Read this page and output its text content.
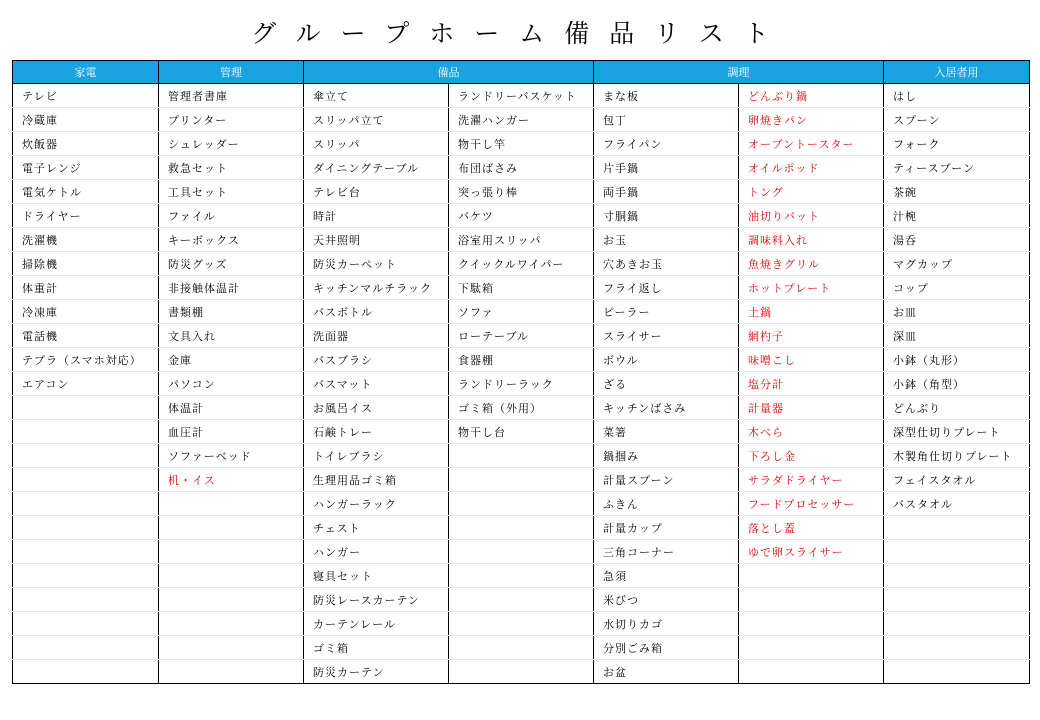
グループホーム備品リスト
家電	管理	備品		調理		入居者用
テレビ	管理者書庫	傘立て	ランドリーバスケット	まな板	どんぶり鍋	はし
冷蔵庫	プリンター	スリッパ立て	洗濯ハンガー	包丁	卵焼きパン	スプーン
炊飯器	シュレッダー	スリッパ	物干し竿	フライパン	オーブントースター	フォーク
電子レンジ	救急セット	ダイニングテーブル	布団ばさみ	片手鍋	オイルポッド	ティースプーン
電気ケトル	工具セット	テレビ台	突っ張り棒	両手鍋	トング	茶碗
ドライヤー	ファイル	時計	バケツ	寸胴鍋	油切りバット	汁椀
洗濯機	キーボックス	天井照明	浴室用スリッパ	お玉	調味料入れ	湯呑
掃除機	防災グッズ	防災カーペット	クイックルワイパー	穴あきお玉	魚焼きグリル	マグカップ
体重計	非接触体温計	キッチンマルチラック	下駄箱	フライ返し	ホットプレート	コップ
冷凍庫	書類棚	バスボトル	ソファ	ピーラー	土鍋	お皿
電話機	文具入れ	洗面器	ローテーブル	スライサー	網杓子	深皿
テプラ（スマホ対応）	金庫	バスブラシ	食器棚	ボウル	味噌こし	小鉢（丸形）
エアコン	パソコン	バスマット	ランドリーラック	ざる	塩分計	小鉢（角型）
	体温計	お風呂イス	ゴミ箱（外用）	キッチンばさみ	計量器	どんぶり
	血圧計	石鹸トレー	物干し台	菜箸	木べら	深型仕切りプレート
	ソファーベッド	トイレブラシ		鍋掴み	下ろし金	木製角仕切りプレート
	机・イス	生理用品ゴミ箱		計量スプーン	サラダドライヤー	フェイスタオル
		ハンガーラック		ふきん	フードプロセッサー	バスタオル
		チェスト		計量カップ	落とし蓋	
		ハンガー		三角コーナー	ゆで卵スライサー	
		寝具セット		急須		
		防災レースカーテン		米びつ		
		カーテンレール		水切りカゴ		
		ゴミ箱		分別ごみ箱		
		防災カーテン		お盆		
